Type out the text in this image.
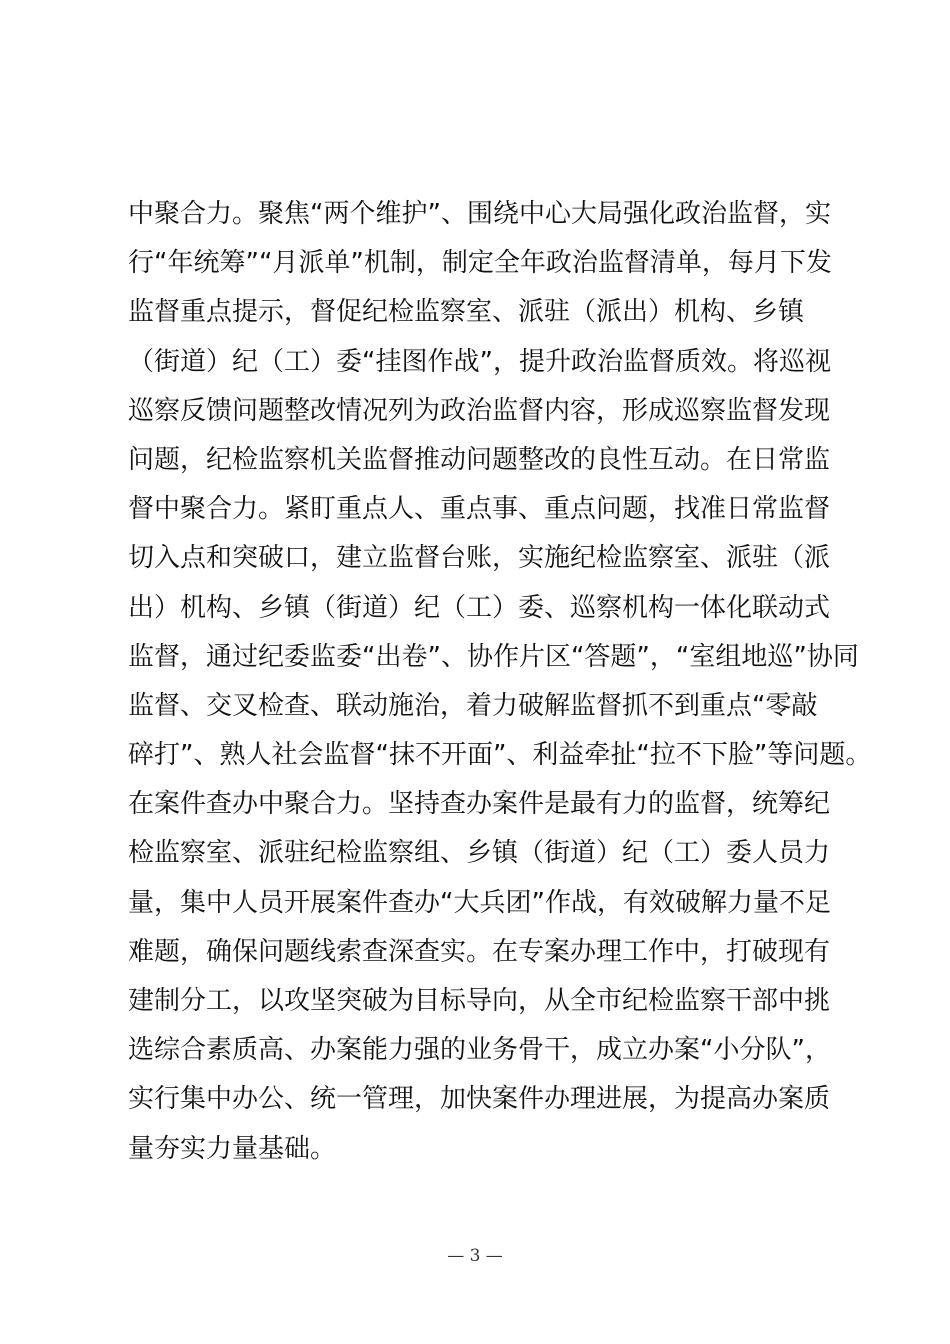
中聚合力。聚焦“两个维护”、围绕中心大局强化政治监督，实
行“年统筹”“月派单”机制，制定全年政治监督清单，每月下发
监督重点提示，督促纪检监察室、派驻（派出）机构、乡镇
（街道）纪（工）委“挂图作战”，提升政治监督质效。将巡视
巡察反馈问题整改情况列为政治监督内容，形成巡察监督发现
问题，纪检监察机关监督推动问题整改的良性互动。在日常监
督中聚合力。紧盯重点人、重点事、重点问题，找准日常监督
切入点和突破口，建立监督台账，实施纪检监察室、派驻（派
出）机构、乡镇（街道）纪（工）委、巡察机构一体化联动式
监督，通过纪委监委“出卷”、协作片区“答题”，“室组地巡”协同
监督、交叉检查、联动施治，着力破解监督抓不到重点“零敲
碎打”、熟人社会监督“抹不开面”、利益牵扯“拉不下脸”等问题。
在案件查办中聚合力。坚持查办案件是最有力的监督，统筹纪
检监察室、派驻纪检监察组、乡镇（街道）纪（工）委人员力
量，集中人员开展案件查办“大兵团”作战，有效破解力量不足
难题，确保问题线索查深查实。在专案办理工作中，打破现有
建制分工，以攻坚突破为目标导向，从全市纪检监察干部中挑
选综合素质高、办案能力强的业务骨干，成立办案“小分队”，
实行集中办公、统一管理，加快案件办理进展，为提高办案质
量夯实力量基础。
— 3 —
